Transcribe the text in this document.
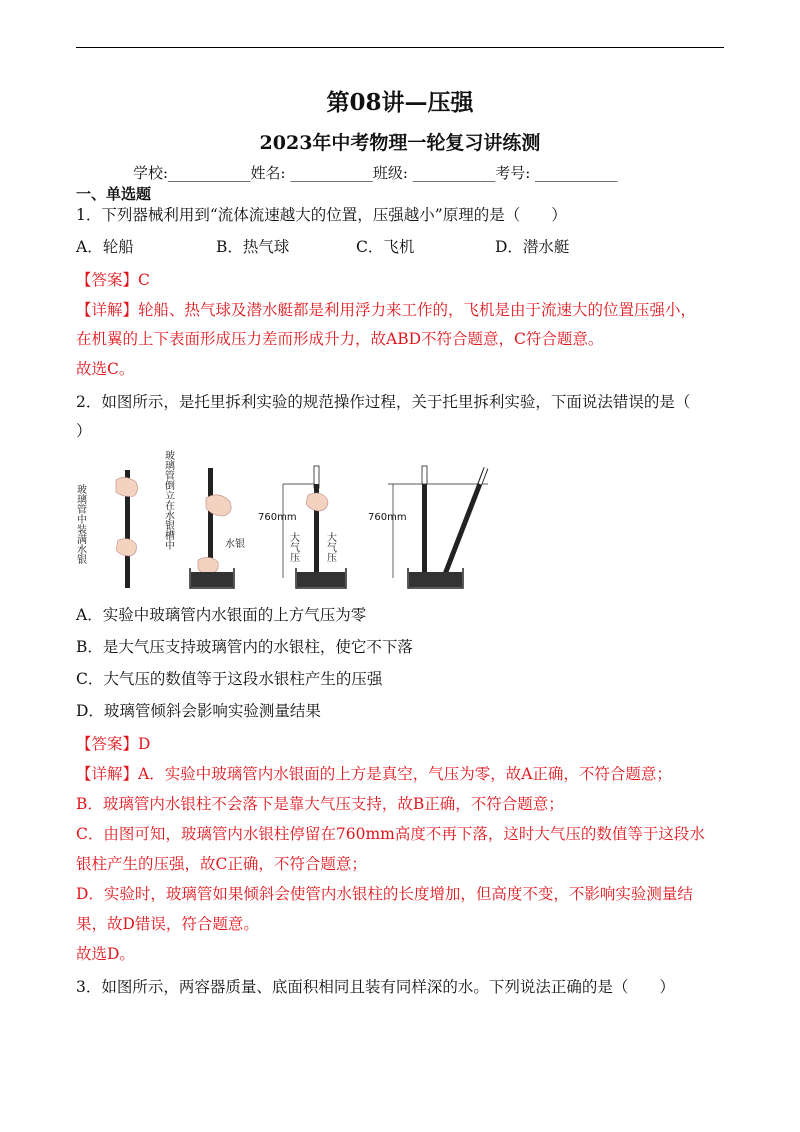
第08讲—压强
2023年中考物理一轮复习讲练测
学校:___________姓名: ___________班级: ___________考号: ___________
一、单选题
1．下列器械利用到“流体流速越大的位置，压强越小”原理的是（　　）
A．轮船	B．热气球	C．飞机	D．潜水艇
【答案】C
【详解】轮船、热气球及潜水艇都是利用浮力来工作的，飞机是由于流速大的位置压强小，
在机翼的上下表面形成压力差而形成升力，故ABD不符合题意，C符合题意。
故选C。
2．如图所示，是托里拆利实验的规范操作过程，关于托里拆利实验，下面说法错误的是（
）
玻璃管中装满水银	玻璃管倒立在水银槽中	水银
760mm
大气压	大气压
760mm
A．实验中玻璃管内水银面的上方气压为零
B．是大气压支持玻璃管内的水银柱，使它不下落
C．大气压的数值等于这段水银柱产生的压强
D．玻璃管倾斜会影响实验测量结果
【答案】D
【详解】A．实验中玻璃管内水银面的上方是真空，气压为零，故A正确，不符合题意；
B．玻璃管内水银柱不会落下是靠大气压支持，故B正确，不符合题意；
C．由图可知，玻璃管内水银柱停留在760mm高度不再下落，这时大气压的数值等于这段水
银柱产生的压强，故C正确，不符合题意；
D．实验时，玻璃管如果倾斜会使管内水银柱的长度增加，但高度不变，不影响实验测量结
果，故D错误，符合题意。
故选D。
3．如图所示，两容器质量、底面积相同且装有同样深的水。下列说法正确的是（　　）
